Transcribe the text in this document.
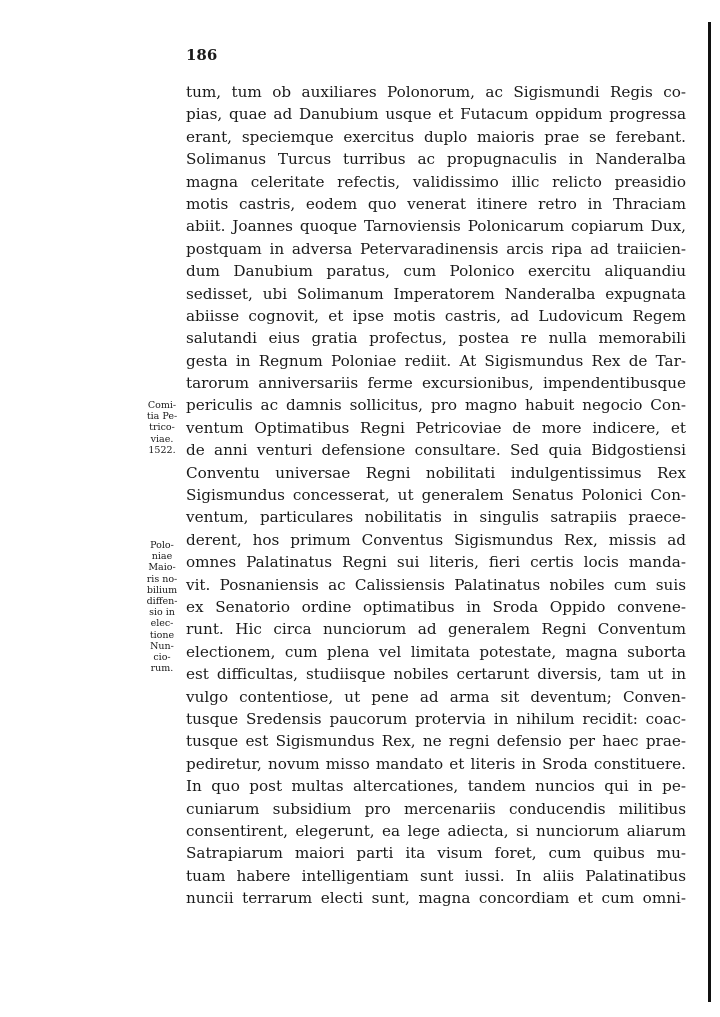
186
tum, tum ob auxiliares Polonorum, ac Sigismundi Regis co-
pias, quae ad Danubium usque et Futacum oppidum progressa
erant, speciemque exercitus duplo maioris prae se ferebant.
Solimanus Turcus turribus ac propugnaculis in Nanderalba
magna celeritate refectis, validissimo illic relicto preasidio
motis castris, eodem quo venerat itinere retro in Thraciam
abiit. Joannes quoque Tarnoviensis Polonicarum copiarum Dux,
postquam in adversa Petervaradinensis arcis ripa ad traiicien-
dum Danubium paratus, cum Polonico exercitu aliquandiu
sedisset, ubi Solimanum Imperatorem Nanderalba expugnata
abiisse cognovit, et ipse motis castris, ad Ludovicum Regem
salutandi eius gratia profectus, postea re nulla memorabili
gesta in Regnum Poloniae rediit. At Sigismundus Rex de Tar-
tarorum anniversariis ferme excursionibus, impendentibusque
periculis ac damnis sollicitus, pro magno habuit negocio Con-
ventum Optimatibus Regni Petricoviae de more indicere, et
de anni venturi defensione consultare. Sed quia Bidgostiensi
Conventu universae Regni nobilitati indulgentissimus Rex
Sigismundus concesserat, ut generalem Senatus Polonici Con-
ventum, particulares nobilitatis in singulis satrapiis praece-
derent, hos primum Conventus Sigismundus Rex, missis ad
omnes Palatinatus Regni sui literis, fieri certis locis manda-
vit. Posnaniensis ac Calissiensis Palatinatus nobiles cum suis
ex Senatorio ordine optimatibus in Sroda Oppido convene-
runt. Hic circa nunciorum ad generalem Regni Conventum
electionem, cum plena vel limitata potestate, magna suborta
est difficultas, studiisque nobiles certarunt diversis, tam ut in
vulgo contentiose, ut pene ad arma sit deventum; Conven-
tusque Sredensis paucorum protervia in nihilum recidit: coac-
tusque est Sigismundus Rex, ne regni defensio per haec prae-
pediretur, novum misso mandato et literis in Sroda constituere.
In quo post multas altercationes, tandem nuncios qui in pe-
cuniarum subsidium pro mercenariis conducendis militibus
consentirent, elegerunt, ea lege adiecta, si nunciorum aliarum
Satrapiarum maiori parti ita visum foret, cum quibus mu-
tuam habere intelligentiam sunt iussi. In aliis Palatinatibus
nuncii terrarum electi sunt, magna concordiam et cum omni-
Comi-
tia Pe-
trico-
viae.
1522.
Polo-
niae
Maio-
ris no-
bilium
diffen-
sio in
elec-
tione
Nun-
cio-
rum.
